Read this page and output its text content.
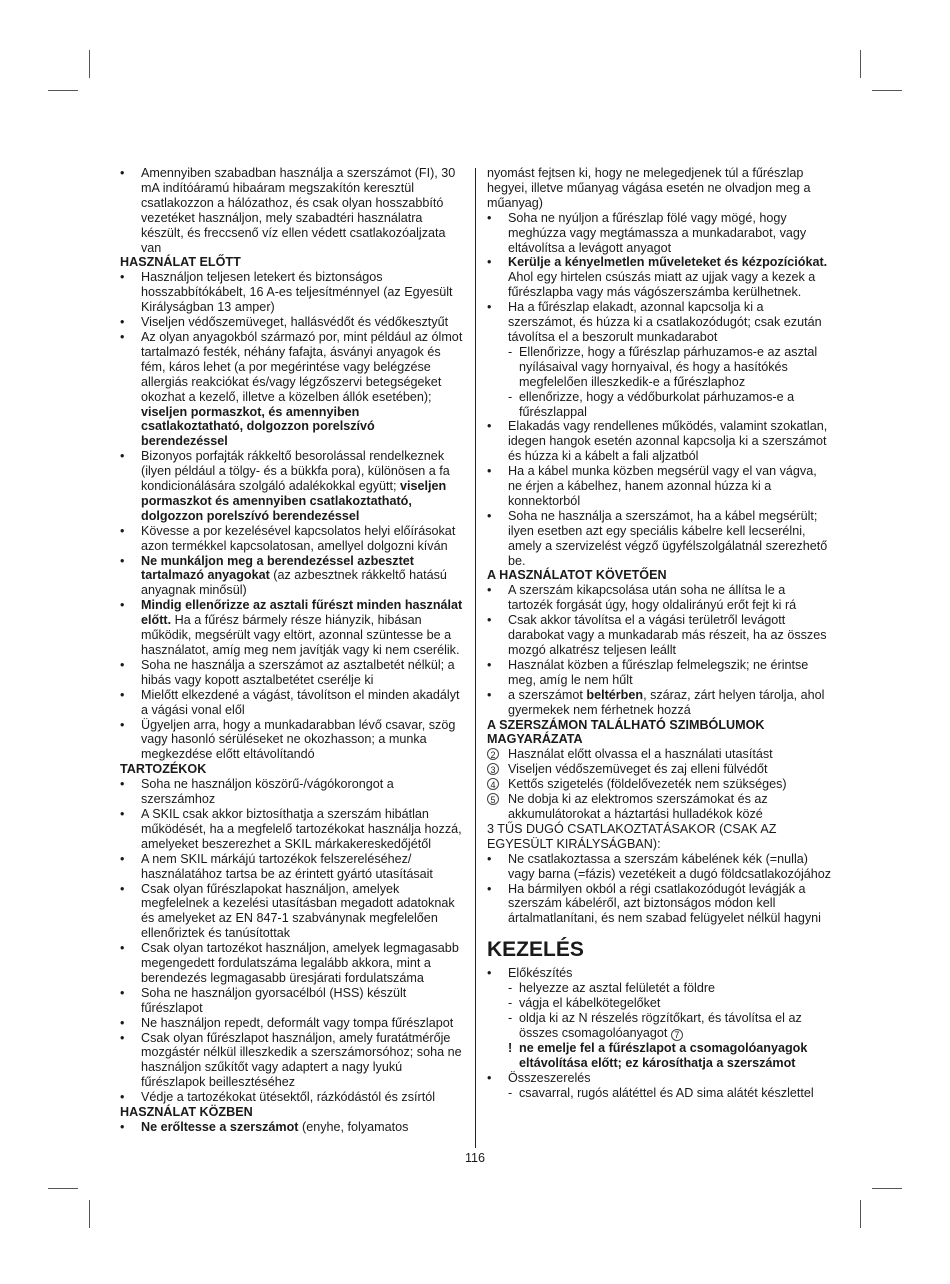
• Amennyiben szabadban használja a szerszámot (FI), 30 mA indítóáramú hibaáram megszakítón keresztül csatlakozzon a hálózathoz, és csak olyan hosszabbító vezetéket használjon, mely szabadtéri használatra készült, és freccsenő víz ellen védett csatlakozóaljzata van
HASZNÁLAT ELŐTT
• Használjon teljesen letekert és biztonságos hosszabbítókábelt, 16 A-es teljesítménnyel (az Egyesült Királyságban 13 amper)
• Viseljen védőszemüveget, hallásvédőt és védőkesztyűt
• Az olyan anyagokból származó por, mint például az ólmot tartalmazó festék, néhány fafajta, ásványi anyagok és fém, káros lehet (a por megérintése vagy belégzése allergiás reakciókat és/vagy légzőszervi betegségeket okozhat a kezelő, illetve a közelben állók esetében); viseljen pormaszkot, és amennyiben csatlakoztatható, dolgozzon porelszívó berendezéssel
• Bizonyos porfajták rákkeltő besorolással rendelkeznek (ilyen például a tölgy- és a bükkfa pora), különösen a fa kondicionálására szolgáló adalékokkal együtt; viseljen pormaszkot és amennyiben csatlakoztatható, dolgozzon porelszívó berendezéssel
• Kövesse a por kezelésével kapcsolatos helyi előírásokat azon termékkel kapcsolatosan, amellyel dolgozni kíván
• Ne munkáljon meg a berendezéssel azbesztet tartalmazó anyagokat (az azbesztnek rákkeltő hatású anyagnak minősül)
• Mindig ellenőrizze az asztali fűrészt minden használat előtt. Ha a fűrész bármely része hiányzik, hibásan működik, megsérült vagy eltört, azonnal szüntesse be a használatot, amíg meg nem javítják vagy ki nem cserélik.
• Soha ne használja a szerszámot az asztalbetét nélkül; a hibás vagy kopott asztalbetétet cserélje ki
• Mielőtt elkezdené a vágást, távolítson el minden akadályt a vágási vonal elől
• Ügyeljen arra, hogy a munkadarabban lévő csavar, szög vagy hasonló sérüléseket ne okozhasson; a munka megkezdése előtt eltávolítandó
TARTOZÉKOK
• Soha ne használjon köszörű-/vágókorongot a szerszámhoz
• A SKIL csak akkor biztosíthatja a szerszám hibátlan működését, ha a megfelelő tartozékokat használja hozzá, amelyeket beszerezhet a SKIL márkakereskedőjétől
• A nem SKIL márkájú tartozékok felszereléséhez/ használatához tartsa be az érintett gyártó utasításait
• Csak olyan fűrészlapokat használjon, amelyek megfelelnek a kezelési utasításban megadott adatoknak és amelyeket az EN 847-1 szabványnak megfelelően ellenőriztek és tanúsítottak
• Csak olyan tartozékot használjon, amelyek legmagasabb megengedett fordulatszáma legalább akkora, mint a berendezés legmagasabb üresjárati fordulatszáma
• Soha ne használjon gyorsacélból (HSS) készült fűrészlapot
• Ne használjon repedt, deformált vagy tompa fűrészlapot
• Csak olyan fűrészlapot használjon, amely furatátmérője mozgástér nélkül illeszkedik a szerszámorsóhoz; soha ne használjon szűkítőt vagy adaptert a nagy lyukú fűrészlapok beillesztéséhez
• Védje a tartozékokat ütésektől, rázkódástól és zsírtól
HASZNÁLAT KÖZBEN
• Ne erőltesse a szerszámot (enyhe, folyamatos
nyomást fejtsen ki, hogy ne melegedjenek túl a fűrészlap hegyei, illetve műanyag vágása esetén ne olvadjon meg a műanyag)
• Soha ne nyúljon a fűrészlap fölé vagy mögé, hogy meghúzza vagy megtámassza a munkadarabot, vagy eltávolítsa a levágott anyagot
• Kerülje a kényelmetlen műveleteket és kézpozíciókat. Ahol egy hirtelen csúszás miatt az ujjak vagy a kezek a fűrészlapba vagy más vágószerszámba kerülhetnek.
• Ha a fűrészlap elakadt, azonnal kapcsolja ki a szerszámot, és húzza ki a csatlakozódugót; csak ezután távolítsa el a beszorult munkadarabot
- Ellenőrizze, hogy a fűrészlap párhuzamos-e az asztal nyílásaival vagy hornyaival, és hogy a hasítókés megfelelően illeszkedik-e a fűrészlaphoz
- ellenőrizze, hogy a védőburkolat párhuzamos-e a fűrészlappal
• Elakadás vagy rendellenes működés, valamint szokatlan, idegen hangok esetén azonnal kapcsolja ki a szerszámot és húzza ki a kábelt a fali aljzatból
• Ha a kábel munka közben megsérül vagy el van vágva, ne érjen a kábelhez, hanem azonnal húzza ki a konnektorból
• Soha ne használja a szerszámot, ha a kábel megsérült; ilyen esetben azt egy speciális kábelre kell lecserélni, amely a szervizelést végző ügyfélszolgálatnál szerezhető be.
A HASZNÁLATOT KÖVETŐEN
• A szerszám kikapcsolása után soha ne állítsa le a tartozék forgását úgy, hogy oldalirányú erőt fejt ki rá
• Csak akkor távolítsa el a vágási területről levágott darabokat vagy a munkadarab más részeit, ha az összes mozgó alkatrész teljesen leállt
• Használat közben a fűrészlap felmelegszik; ne érintse meg, amíg le nem hűlt
• a szerszámot beltérben, száraz, zárt helyen tárolja, ahol gyermekek nem férhetnek hozzá
A SZERSZÁMON TALÁLHATÓ SZIMBÓLUMOK MAGYARÁZATA
2 Használat előtt olvassa el a használati utasítást
3 Viseljen védőszemüveget és zaj elleni fülvédőt
4 Kettős szigetelés (földelővezeték nem szükséges)
5 Ne dobja ki az elektromos szerszámokat és az akkumulátorokat a háztartási hulladékok közé
3 TŰS DUGÓ CSATLAKOZTATÁSAKOR (CSAK AZ EGYESÜLT KIRÁLYSÁGBAN):
• Ne csatlakoztassa a szerszám kábelének kék (=nulla) vagy barna (=fázis) vezetékeit a dugó földcsatlakozójához
• Ha bármilyen okból a régi csatlakozódugót levágják a szerszám kábeléről, azt biztonságos módon kell ártalmatlanítani, és nem szabad felügyelet nélkül hagyni
KEZELÉS
• Előkészítés
- helyezze az asztal felületét a földre
- vágja el kábelkötegelőket
- oldja ki az N részelés rögzítőkart, és távolítsa el az összes csomagolóanyagot 7
! ne emelje fel a fűrészlapot a csomagolóanyagok eltávolítása előtt; ez károsíthatja a szerszámot
• Összeszerelés
- csavarral, rugós alátéttel és AD sima alátét készlettel
116
